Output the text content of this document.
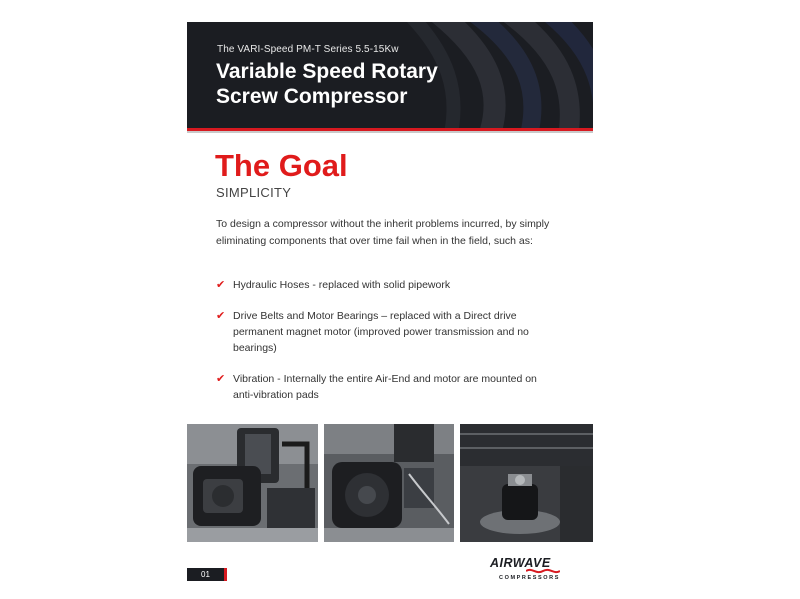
The VARI-Speed PM-T Series 5.5-15Kw
Variable Speed Rotary
Screw Compressor
The Goal
SIMPLICITY
To design a compressor without the inherit problems incurred, by simply eliminating components that over time fail when in the field, such as:
✔ Hydraulic Hoses - replaced with solid pipework
✔ Drive Belts and Motor Bearings – replaced with a Direct drive permanent magnet motor (improved power transmission and no bearings)
✔ Vibration - Internally the entire Air-End and motor are mounted on anti-vibration pads
01
AIRWAVE
COMPRESSORS
